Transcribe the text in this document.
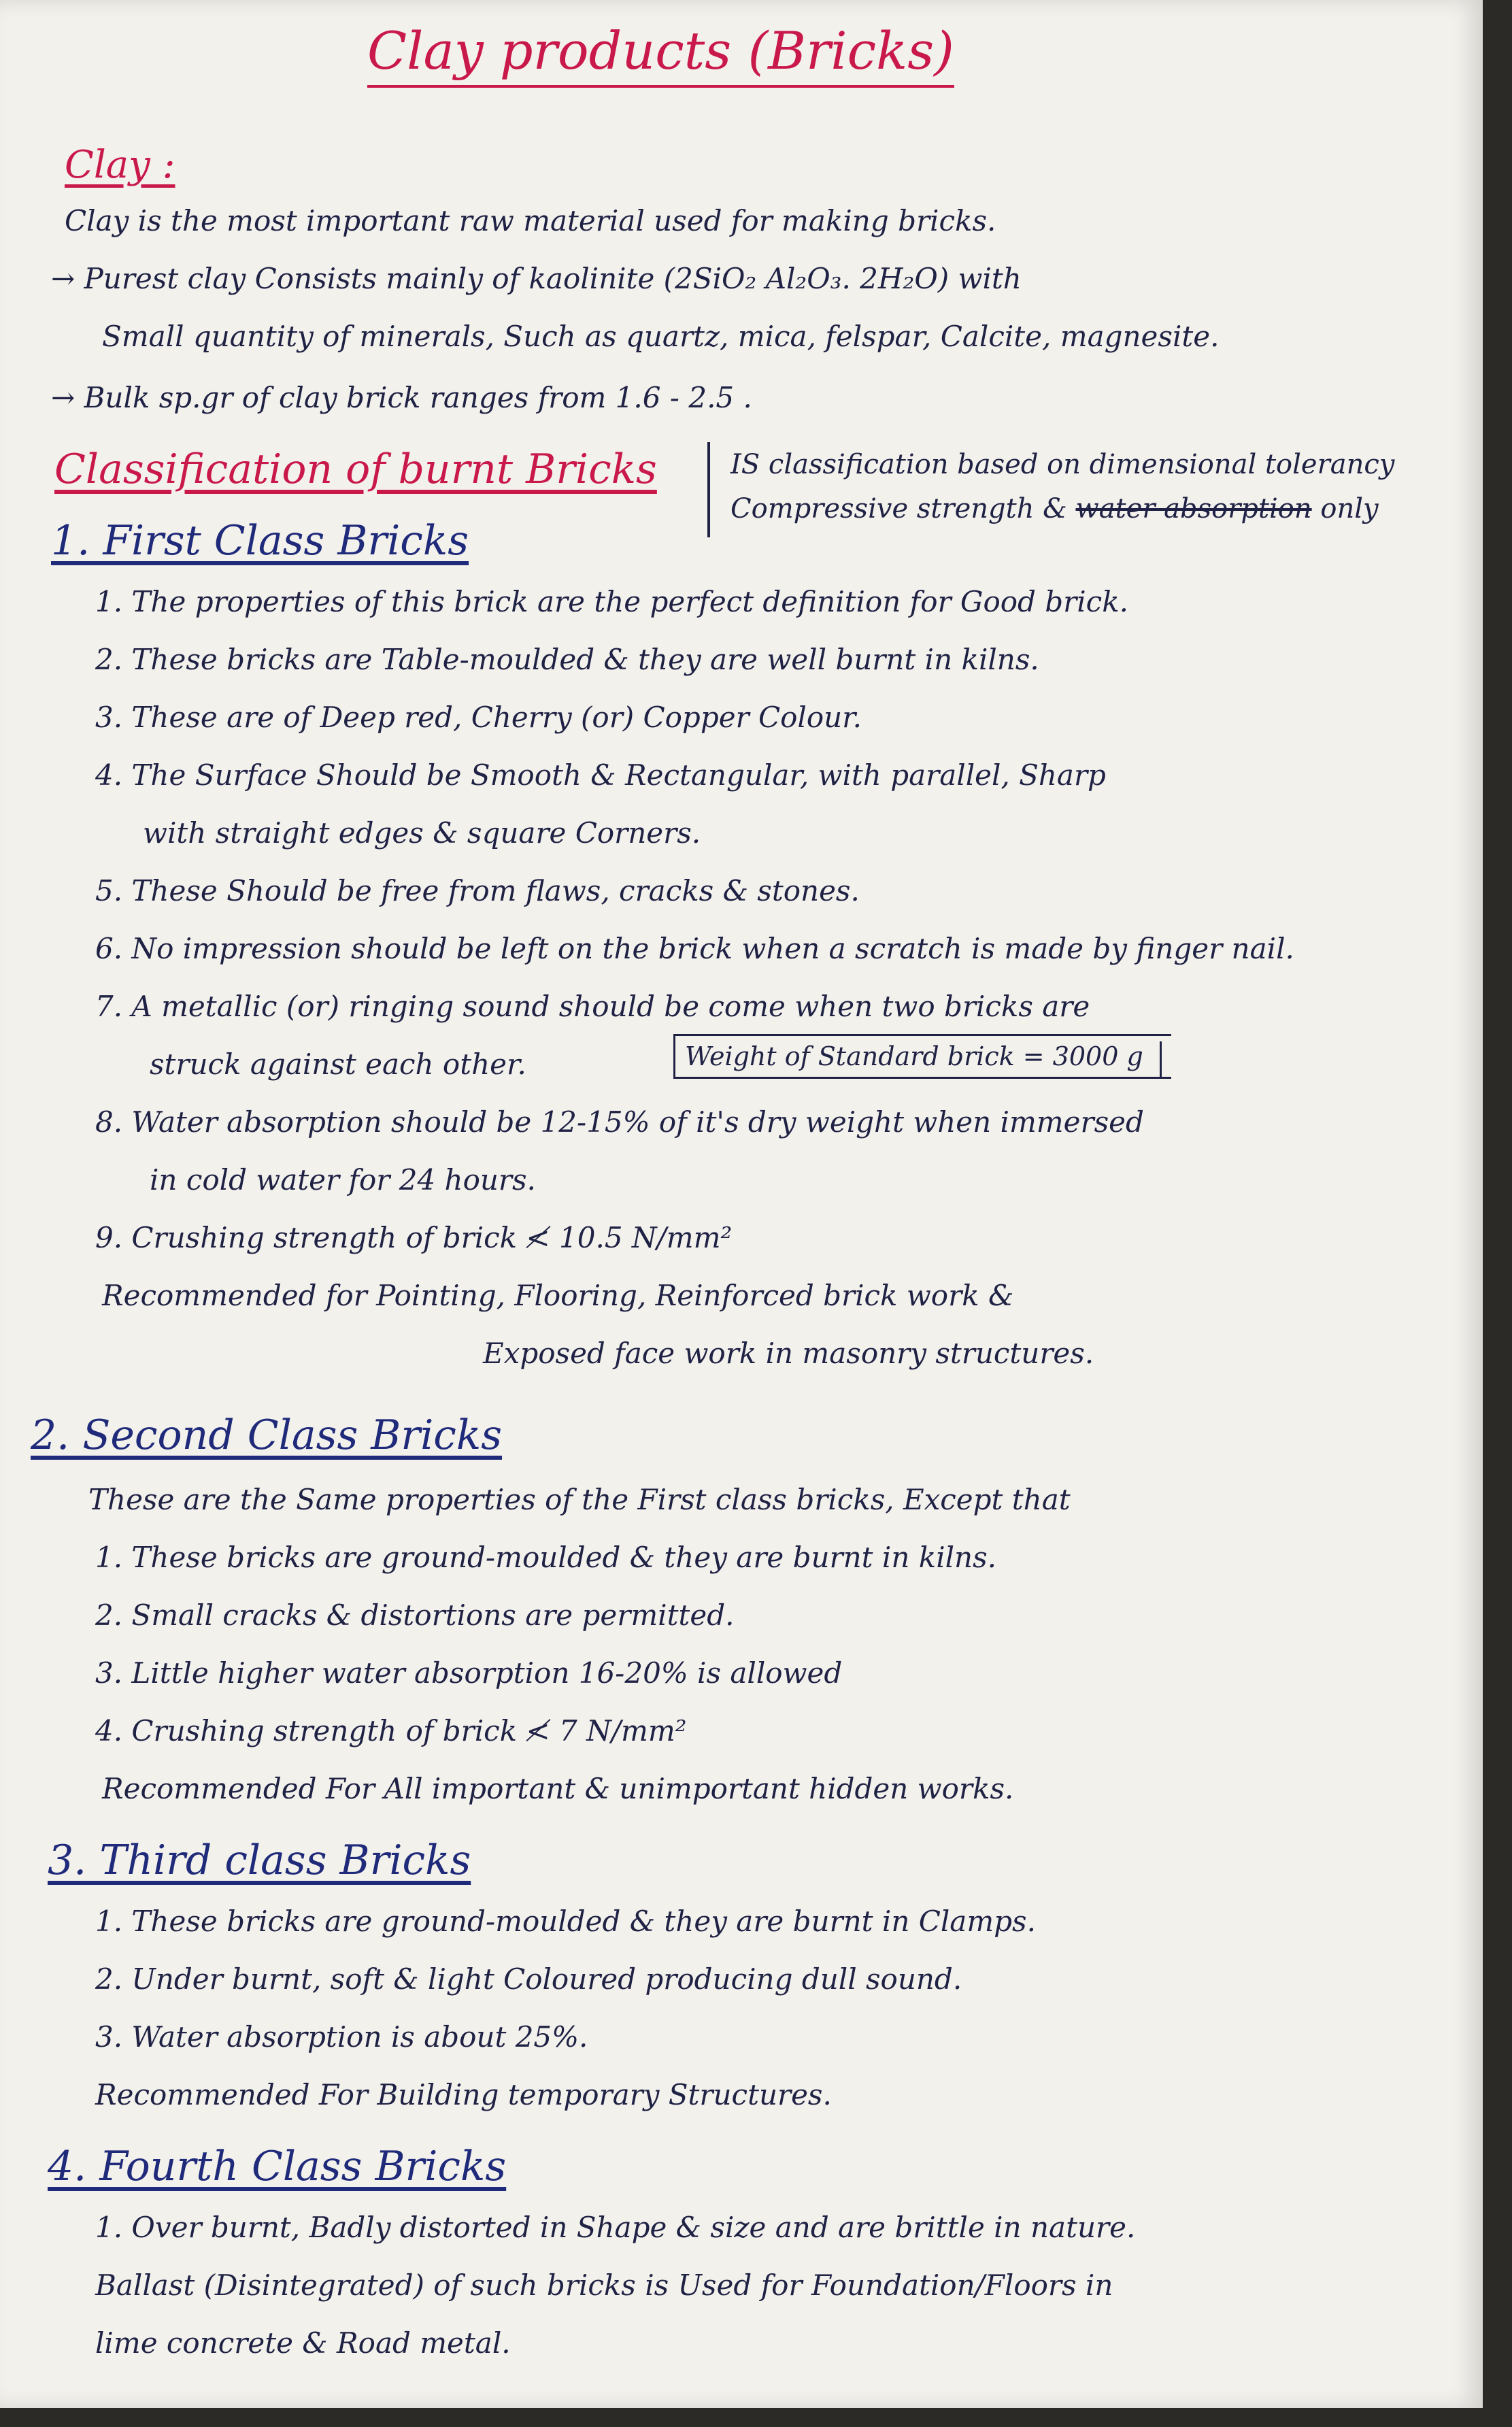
Clay products (Bricks)
Clay :
Clay is the most important raw material used for making bricks.
→ Purest clay Consists mainly of kaolinite (2SiO₂ Al₂O₃. 2H₂O) with
Small quantity of minerals, Such as quartz, mica, felspar, Calcite, magnesite.
→ Bulk sp.gr of clay brick ranges from 1.6 - 2.5 .
Classification of burnt Bricks	IS classification based on dimensional tolerancy
Compressive strength & water absorption only
1. First Class Bricks
1. The properties of this brick are the perfect definition for Good brick.
2. These bricks are Table-moulded & they are well burnt in kilns.
3. These are of Deep red, Cherry (or) Copper Colour.
4. The Surface Should be Smooth & Rectangular, with parallel, Sharp
with straight edges & square Corners.
5. These Should be free from flaws, cracks & stones.
6. No impression should be left on the brick when a scratch is made by finger nail.
7. A metallic (or) ringing sound should be come when two bricks are
struck against each other.	Weight of Standard brick = 3000 g
8. Water absorption should be 12-15% of it's dry weight when immersed
in cold water for 24 hours.
9. Crushing strength of brick ≮ 10.5 N/mm²
Recommended for Pointing, Flooring, Reinforced brick work &
Exposed face work in masonry structures.
2. Second Class Bricks
These are the Same properties of the First class bricks, Except that
1. These bricks are ground-moulded & they are burnt in kilns.
2. Small cracks & distortions are permitted.
3. Little higher water absorption 16-20% is allowed
4. Crushing strength of brick ≮ 7 N/mm²
Recommended For All important & unimportant hidden works.
3. Third class Bricks
1. These bricks are ground-moulded & they are burnt in Clamps.
2. Under burnt, soft & light Coloured producing dull sound.
3. Water absorption is about 25%.
Recommended For Building temporary Structures.
4. Fourth Class Bricks
1. Over burnt, Badly distorted in Shape & size and are brittle in nature.
Ballast (Disintegrated) of such bricks is Used for Foundation/Floors in
lime concrete & Road metal.
